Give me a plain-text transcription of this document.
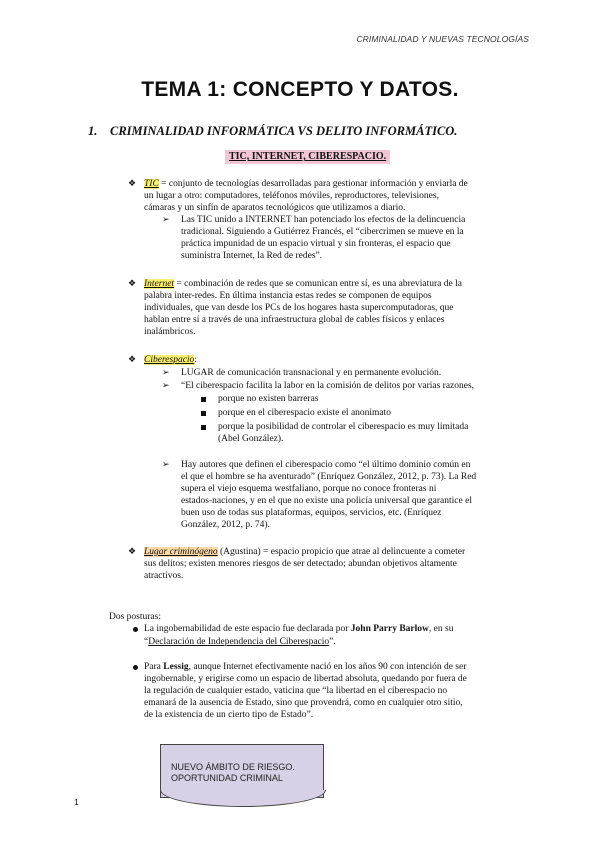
CRIMINALIDAD Y NUEVAS TECNOLOGÍAS
TEMA 1: CONCEPTO Y DATOS.
1. CRIMINALIDAD INFORMÁTICA VS DELITO INFORMÁTICO.
TIC, INTERNET, CIBERESPACIO.
❖ TIC = conjunto de tecnologías desarrolladas para gestionar información y enviarla de
un lugar a otro: computadores, teléfonos móviles, reproductores, televisiones,
cámaras y un sinfín de aparatos tecnológicos que utilizamos a diario.
➢ Las TIC unido a INTERNET han potenciado los efectos de la delincuencia
tradicional. Siguiendo a Gutiérrez Francés, el “cibercrimen se mueve en la
práctica impunidad de un espacio virtual y sin fronteras, el espacio que
suministra Internet, la Red de redes”.
❖ Internet = combinación de redes que se comunican entre sí, es una abreviatura de la
palabra inter-redes. En última instancia estas redes se componen de equipos
individuales, que van desde los PCs de los hogares hasta supercomputadoras, que
hablan entre sí a través de una infraestructura global de cables físicos y enlaces
inalámbricos.
❖ Ciberespacio:
➢ LUGAR de comunicación transnacional y en permanente evolución.
➢ “El ciberespacio facilita la labor en la comisión de delitos por varias razones,
porque no existen barreras
porque en el ciberespacio existe el anonimato
porque la posibilidad de controlar el ciberespacio es muy limitada
(Abel González).
➢ Hay autores que definen el ciberespacio como “el último dominio común en
el que el hombre se ha aventurado” (Enríquez González, 2012, p. 73). La Red
supera el viejo esquema westfaliano, porque no conoce fronteras ni
estados-naciones, y en el que no existe una policía universal que garantice el
buen uso de todas sus plataformas, equipos, servicios, etc. (Enríquez
González, 2012, p. 74).
❖ Lugar criminógeno (Agustina) = espacio propicio que atrae al delincuente a cometer
sus delitos; existen menores riesgos de ser detectado; abundan objetivos altamente
atractivos.
Dos posturas:
La ingobernabilidad de este espacio fue declarada por John Parry Barlow, en su
“Declaración de Independencia del Ciberespacio”.
Para Lessig, aunque Internet efectivamente nació en los años 90 con intención de ser
ingobernable, y erigirse como un espacio de libertad absoluta, quedando por fuera de
la regulación de cualquier estado, vaticina que “la libertad en el ciberespacio no
emanará de la ausencia de Estado, sino que provendrá, como en cualquier otro sitio,
de la existencia de un cierto tipo de Estado”.
NUEVO ÁMBITO DE RIESGO.
OPORTUNIDAD CRIMINAL
1
